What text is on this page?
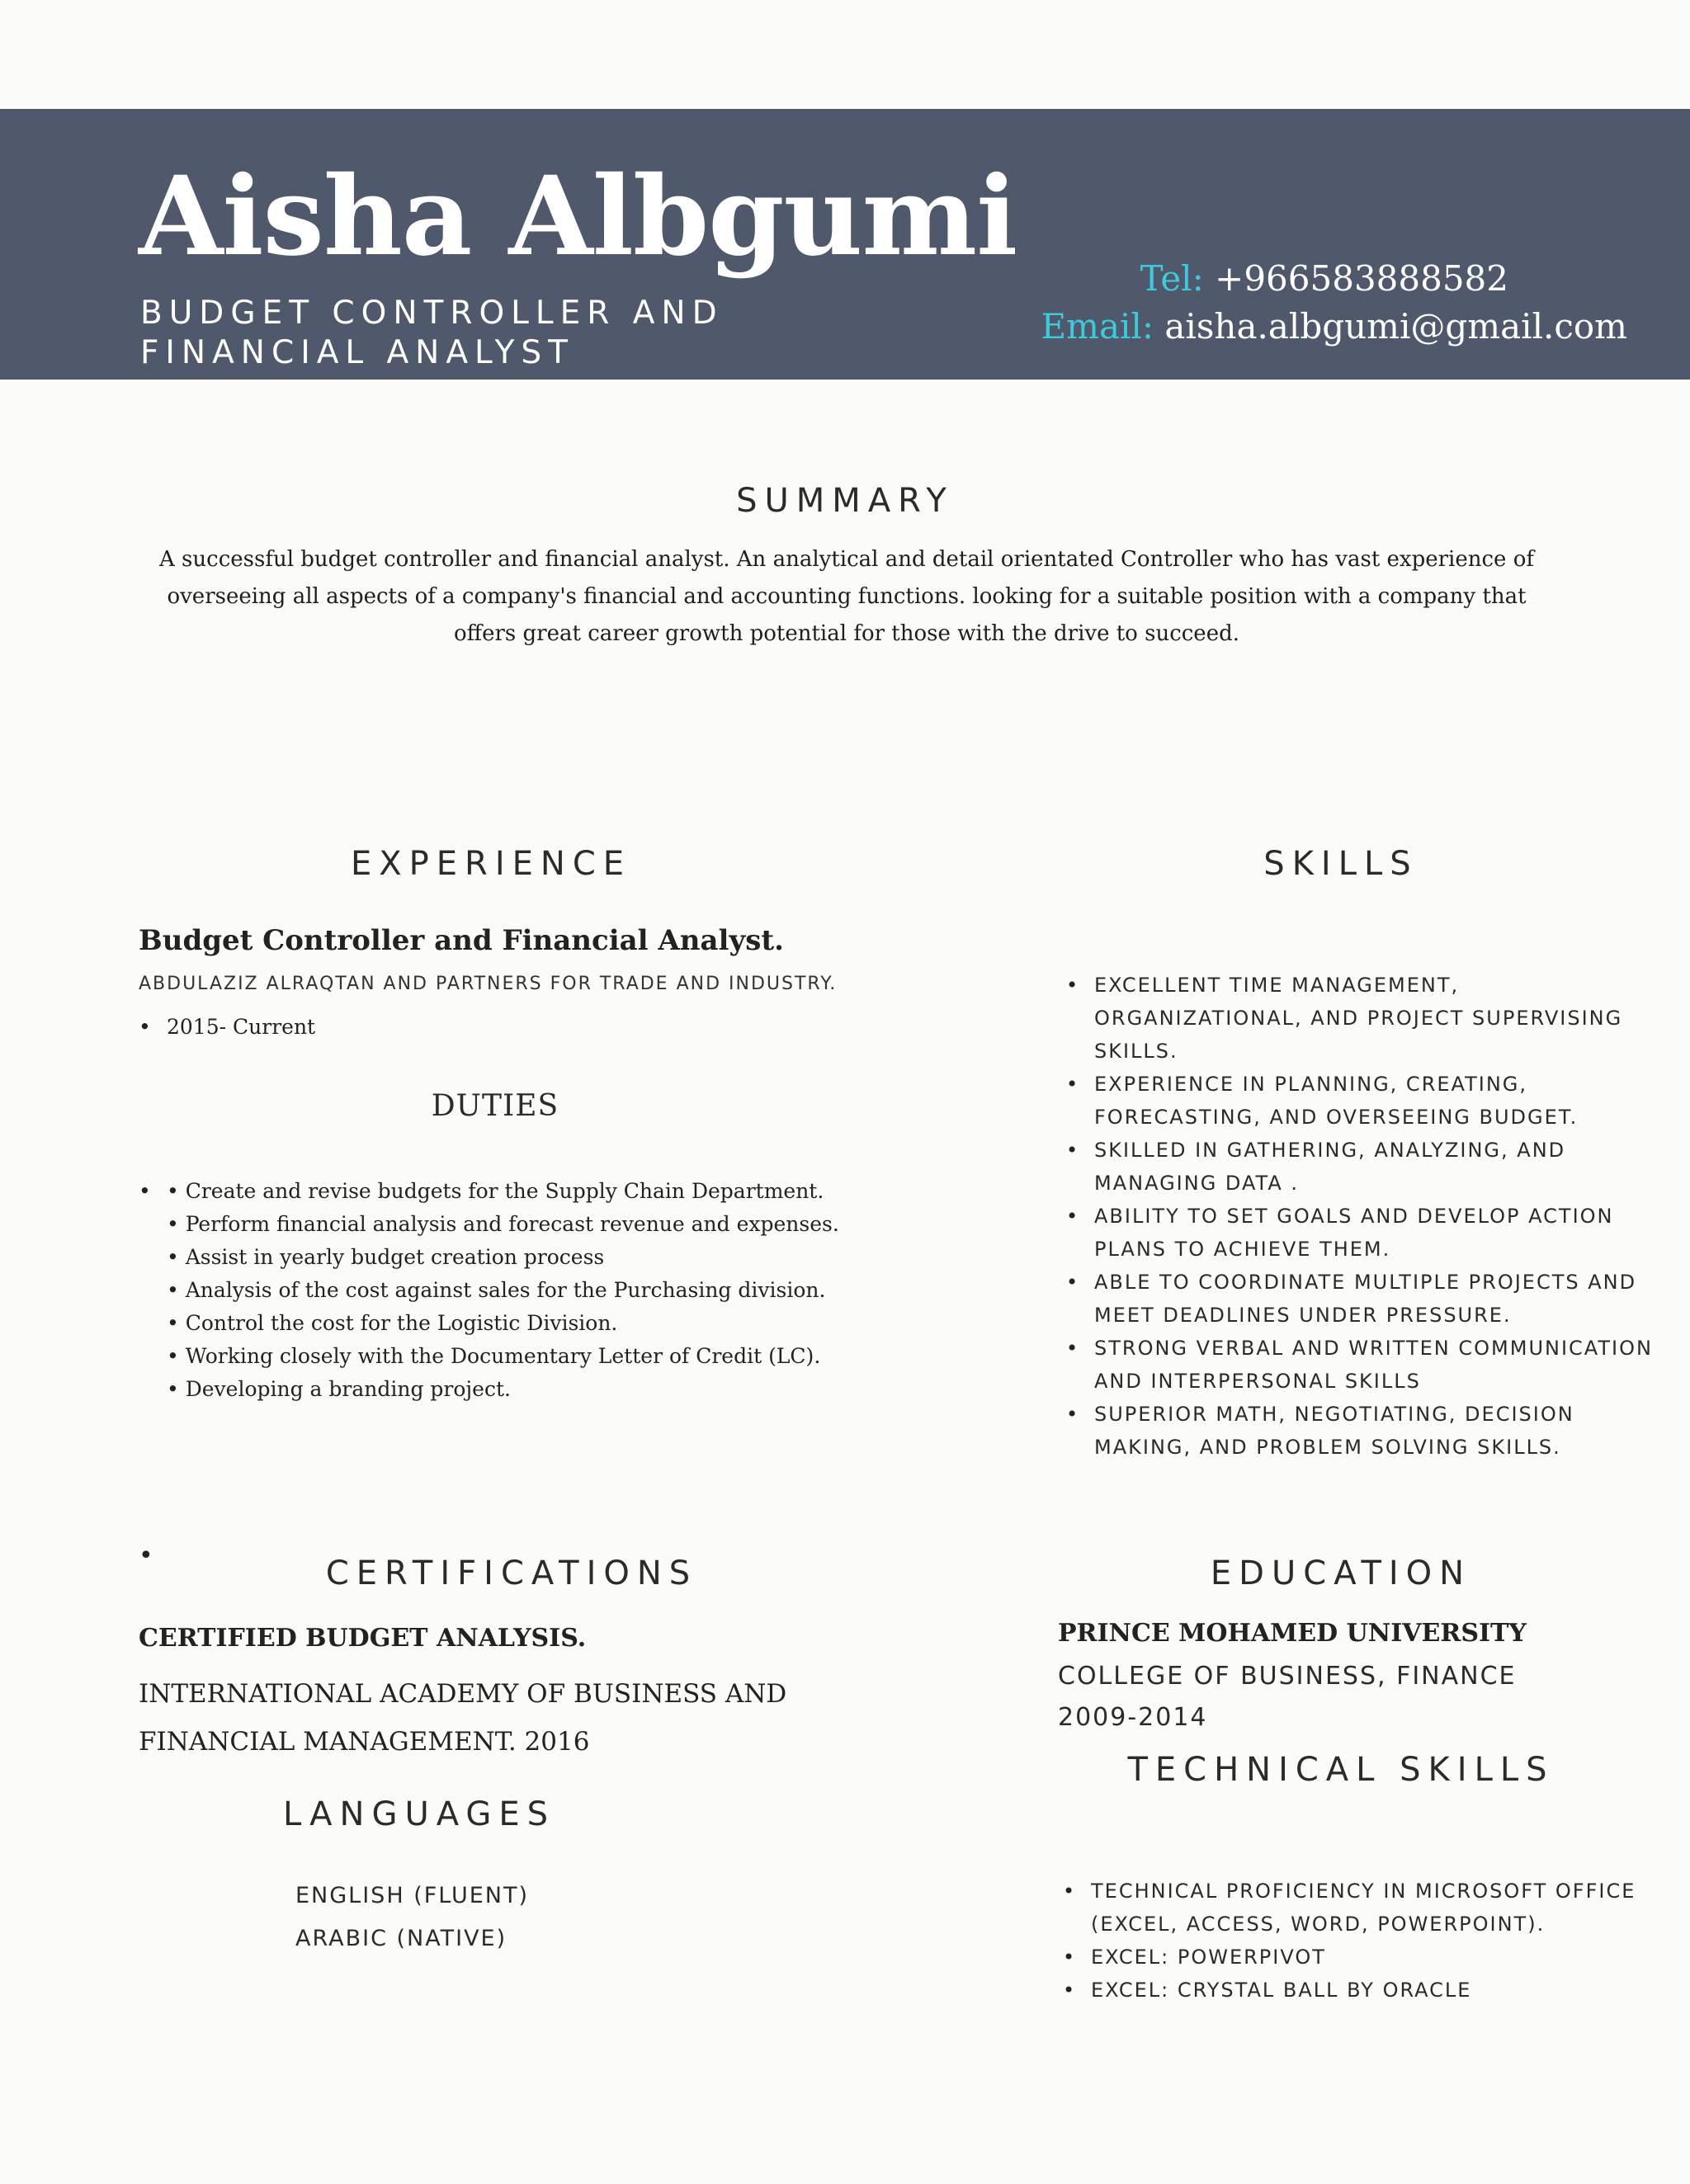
Aisha Albgumi
BUDGET CONTROLLER AND FINANCIAL ANALYST
Tel: +966583888582
Email: aisha.albgumi@gmail.com
SUMMARY
A successful budget controller and financial analyst. An analytical and detail orientated Controller who has vast experience of overseeing all aspects of a company's financial and accounting functions. looking for a suitable position with a company that offers great career growth potential for those with the drive to succeed.
EXPERIENCE
Budget Controller and Financial Analyst.
ABDULAZIZ ALRAQTAN AND PARTNERS FOR TRADE AND INDUSTRY.
• 2015- Current
DUTIES
• • Create and revise budgets for the Supply Chain Department.
• Perform financial analysis and forecast revenue and expenses.
• Assist in yearly budget creation process
• Analysis of the cost against sales for the Purchasing division.
• Control the cost for the Logistic Division.
• Working closely with the Documentary Letter of Credit (LC).
• Developing a branding project.
SKILLS
• EXCELLENT TIME MANAGEMENT, ORGANIZATIONAL, AND PROJECT SUPERVISING SKILLS.
• EXPERIENCE IN PLANNING, CREATING, FORECASTING, AND OVERSEEING BUDGET.
• SKILLED IN GATHERING, ANALYZING, AND MANAGING DATA .
• ABILITY TO SET GOALS AND DEVELOP ACTION PLANS TO ACHIEVE THEM.
• ABLE TO COORDINATE MULTIPLE PROJECTS AND MEET DEADLINES UNDER PRESSURE.
• STRONG VERBAL AND WRITTEN COMMUNICATION AND INTERPERSONAL SKILLS
• SUPERIOR MATH, NEGOTIATING, DECISION MAKING, AND PROBLEM SOLVING SKILLS.
•	CERTIFICATIONS
CERTIFIED BUDGET ANALYSIS.
INTERNATIONAL ACADEMY OF BUSINESS AND FINANCIAL MANAGEMENT. 2016
LANGUAGES
ENGLISH (FLUENT)
ARABIC (NATIVE)
EDUCATION
PRINCE MOHAMED UNIVERSITY
COLLEGE OF BUSINESS, FINANCE
2009-2014
TECHNICAL SKILLS
• TECHNICAL PROFICIENCY IN MICROSOFT OFFICE (EXCEL, ACCESS, WORD, POWERPOINT).
• EXCEL: POWERPIVOT
• EXCEL: CRYSTAL BALL BY ORACLE
